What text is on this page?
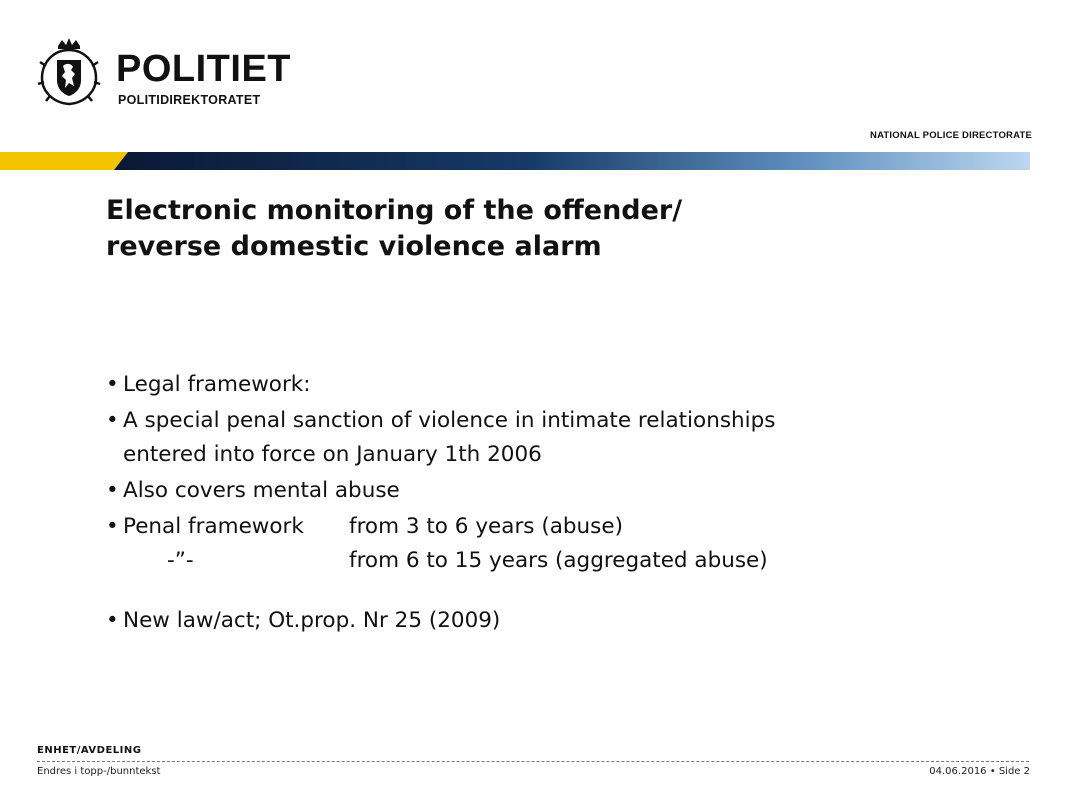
POLITIET
POLITIDIREKTORATET
NATIONAL POLICE DIRECTORATE
Electronic monitoring of the offender/
reverse domestic violence alarm
• Legal framework:
• A special penal sanction of violence in intimate relationships
entered into force on January 1th 2006
• Also covers mental abuse
• Penal framework from 3 to 6 years (abuse)
-”-	from 6 to 15 years (aggregated abuse)
• New law/act; Ot.prop. Nr 25 (2009)
ENHET/AVDELING
Endres i topp-/bunntekst	04.06.2016 • Side 2
